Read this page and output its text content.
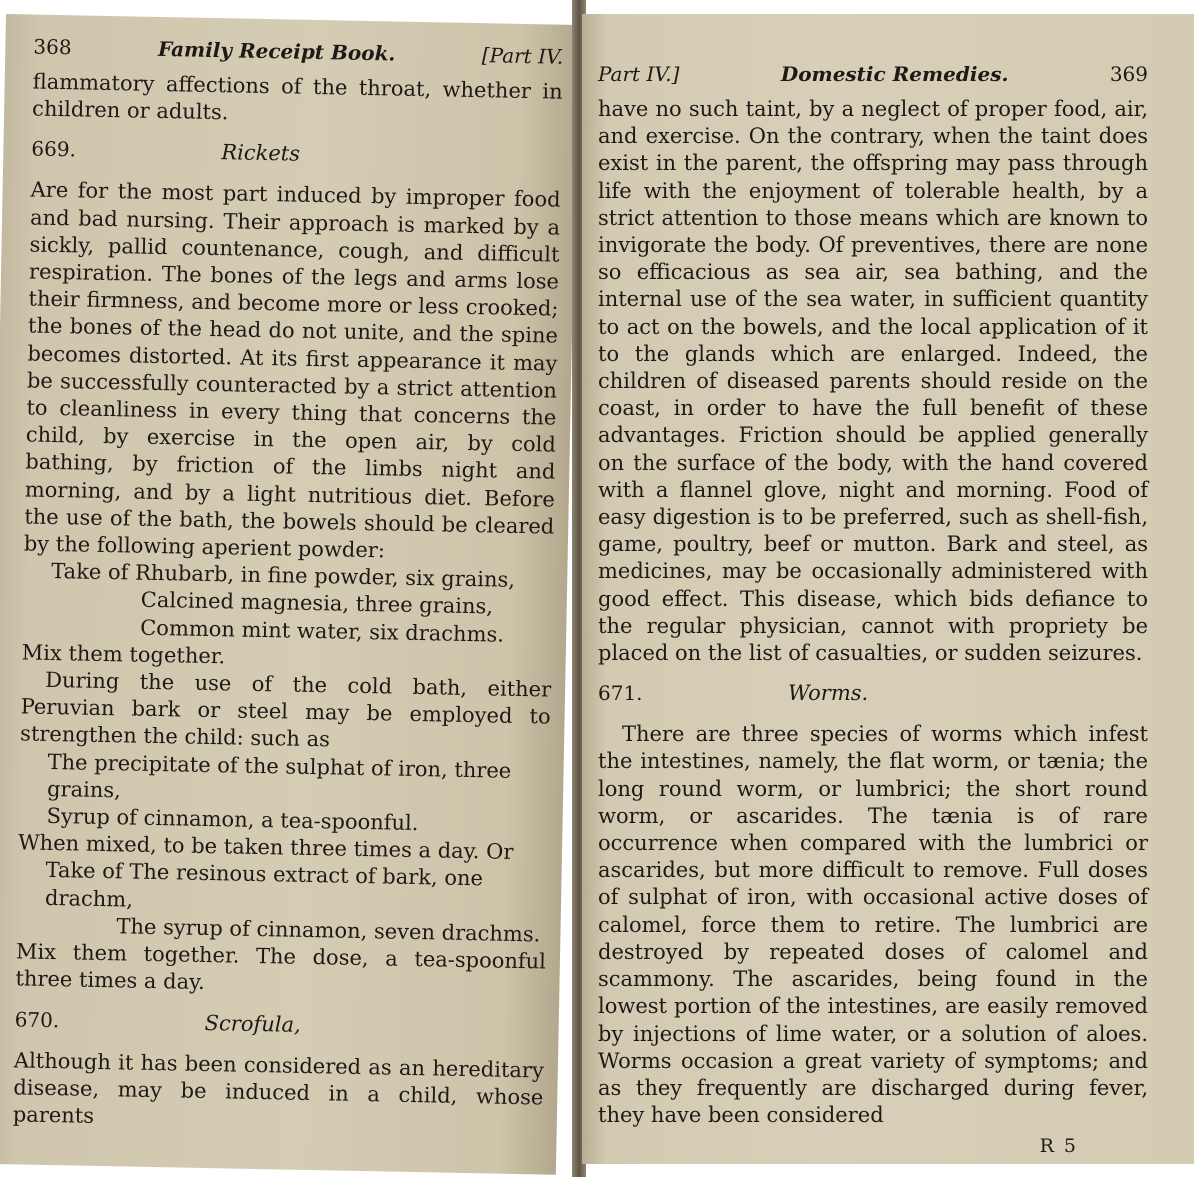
368	Family Receipt Book.	[Part IV.

flammatory affections of the throat, whether in children or adults.

669.	Rickets

Are for the most part induced by improper food and bad nursing. Their approach is marked by a sickly, pallid countenance, cough, and difficult respiration. The bones of the legs and arms lose their firmness, and become more or less crooked; the bones of the head do not unite, and the spine becomes distorted. At its first appearance it may be successfully counteracted by a strict attention to cleanliness in every thing that concerns the child, by exercise in the open air, by cold bathing, by friction of the limbs night and morning, and by a light nutritious diet. Before the use of the bath, the bowels should be cleared by the following aperient powder:

Take of Rhubarb, in fine powder, six grains,
Calcined magnesia, three grains,
Common mint water, six drachms.

Mix them together.

During the use of the cold bath, either Peruvian bark or steel may be employed to strengthen the child: such as

The precipitate of the sulphat of iron, three grains,
Syrup of cinnamon, a tea-spoonful.

When mixed, to be taken three times a day. Or

Take of The resinous extract of bark, one drachm,
The syrup of cinnamon, seven drachms.

Mix them together. The dose, a tea-spoonful three times a day.

670.	Scrofula,

Although it has been considered as an hereditary disease, may be induced in a child, whose parents

Part IV.]	Domestic Remedies.	369

have no such taint, by a neglect of proper food, air, and exercise. On the contrary, when the taint does exist in the parent, the offspring may pass through life with the enjoyment of tolerable health, by a strict attention to those means which are known to invigorate the body. Of preventives, there are none so efficacious as sea air, sea bathing, and the internal use of the sea water, in sufficient quantity to act on the bowels, and the local application of it to the glands which are enlarged. Indeed, the children of diseased parents should reside on the coast, in order to have the full benefit of these advantages. Friction should be applied generally on the surface of the body, with the hand covered with a flannel glove, night and morning. Food of easy digestion is to be preferred, such as shell-fish, game, poultry, beef or mutton. Bark and steel, as medicines, may be occasionally administered with good effect. This disease, which bids defiance to the regular physician, cannot with propriety be placed on the list of casualties, or sudden seizures.

671.	Worms.

There are three species of worms which infest the intestines, namely, the flat worm, or tænia; the long round worm, or lumbrici; the short round worm, or ascarides. The tænia is of rare occurrence when compared with the lumbrici or ascarides, but more difficult to remove. Full doses of sulphat of iron, with occasional active doses of calomel, force them to retire. The lumbrici are destroyed by repeated doses of calomel and scammony. The ascarides, being found in the lowest portion of the intestines, are easily removed by injections of lime water, or a solution of aloes. Worms occasion a great variety of symptoms; and as they frequently are discharged during fever, they have been considered

R 5
